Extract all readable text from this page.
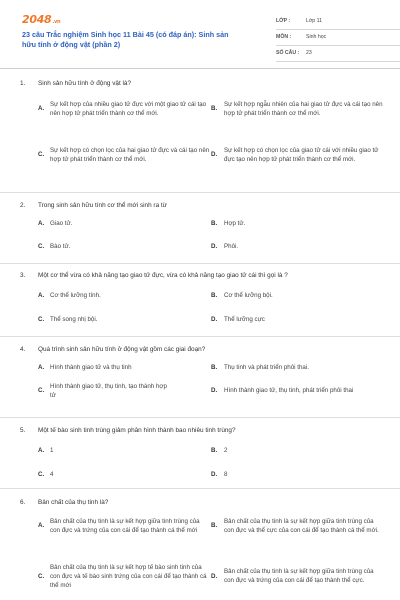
2048.vn
23 câu Trắc nghiệm Sinh học 11 Bài 45 (có đáp án): Sinh sản hữu tính ở động vật (phần 2)
LỚP :	Lớp 11
MÔN :	Sinh học
SỐ CÂU :	23
1.	Sinh sản hữu tính ở động vật là?
A.
Sự kết hợp của nhiều giao tử đực với một giao tử cái tạo nên hợp tử phát triển thành cơ thể mới.
B.
Sự kết hợp ngẫu nhiên của hai giao tử đực và cái tạo nên hợp tử phát triển thành cơ thể mới.
C.
Sự kết hợp có chọn lọc của hai giao tử đực và cái tạo nên hợp tử phát triển thành cơ thể mới.
D.
Sự kết hợp có chọn lọc của giao tử cái với nhiều giao tử đực tạo nên hợp tử phát triển thành cơ thể mới.
2.	Trong sinh sản hữu tính cơ thể mới sinh ra từ
A. Giao tử.	B. Hợp tử.
C. Bào tử.	D. Phôi.
3.	Một cơ thể vừa có khả năng tạo giao tử đực, vừa có khả năng tạo giao tử cái thì gọi là ?
A. Cơ thể lưỡng tính.	B. Cơ thể lưỡng bội.
C. Thể song nhị bội.	D. Thể lưỡng cực
4.	Quá trình sinh sản hữu tính ở động vật gồm các giai đoạn?
A. Hình thành giao tử và thụ tinh	B. Thụ tinh và phát triển phôi thai.
C.
Hình thành giao tử, thụ tinh, tạo thành hợp tử
D. Hình thành giao tử, thụ tinh, phát triển phôi thai
5.	Một tế bào sinh tinh trùng giảm phân hình thành bao nhiêu tinh trùng?
A. 1	B. 2
C. 4	D. 8
6.	Bản chất của thụ tinh là?
A.
Bản chất của thụ tinh là sự kết hợp giữa tinh trùng của con đực và trứng của con cái để tạo thành cá thể mới
B.
Bản chất của thụ tinh là sự kết hợp giữa tinh trùng của con đực và thể cực của con cái để tạo thành cá thể mới.
C.
Bản chất của thụ tinh là sự kết hợp tế bào sinh tinh của con đực và tế bào sinh trứng của con cái để tạo thành cá thể mới
D.
Bản chất của thụ tinh là sự kết hợp giữa tinh trùng của con đực và trứng của con cái để tạo thành thể cực.
